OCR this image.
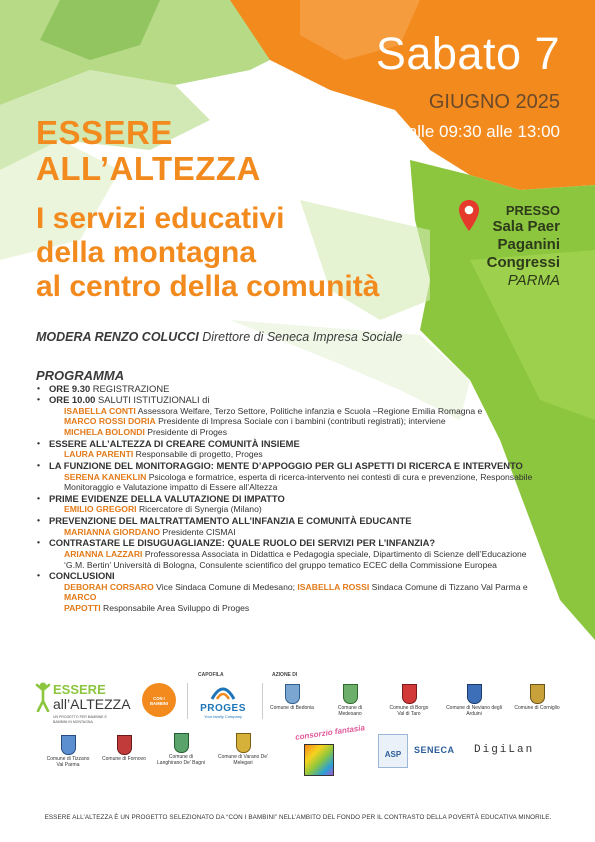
Sabato 7
GIUGNO 2025
dalle 09:30 alle 13:00
ESSERE
ALL’ALTEZZA
I servizi educativi
della montagna
al centro della comunità
PRESSO
Sala Paer
Paganini
Congressi
PARMA
MODERA RENZO COLUCCI Direttore di Seneca Impresa Sociale
PROGRAMMA
• ORE 9.30 REGISTRAZIONE
• ORE 10.00 SALUTI ISTITUZIONALI di
ISABELLA CONTI Assessora Welfare, Terzo Settore, Politiche infanzia e Scuola –Regione Emilia Romagna e
MARCO ROSSI DORIA Presidente di Impresa Sociale con i bambini (contributi registrati); interviene
MICHELA BOLONDI Presidente di Proges
• ESSERE ALL’ALTEZZA DI CREARE COMUNITÀ INSIEME
LAURA PARENTI Responsabile di progetto, Proges
• LA FUNZIONE DEL MONITORAGGIO: MENTE D’APPOGGIO PER GLI ASPETTI DI RICERCA E INTERVENTO
SERENA KANEKLIN Psicologa e formatrice, esperta di ricerca-intervento nei contesti di cura e prevenzione, Responsabile
Monitoraggio e Valutazione impatto di Essere all’Altezza
• PRIME EVIDENZE DELLA VALUTAZIONE DI IMPATTO
EMILIO GREGORI Ricercatore di Synergia (Milano)
• PREVENZIONE DEL MALTRATTAMENTO ALL’INFANZIA E COMUNITÀ EDUCANTE
MARIANNA GIORDANO Presidente CISMAI
• CONTRASTARE LE DISUGUAGLIANZE: QUALE RUOLO DEI SERVIZI PER L’INFANZIA?
ARIANNA LAZZARI Professoressa Associata in Didattica e Pedagogia speciale, Dipartimento di Scienze dell’Educazione
‘G.M. Bertin’ Università di Bologna, Consulente scientifico del gruppo tematico ECEC della Commissione Europea
• CONCLUSIONI
DEBORAH CORSARO Vice Sindaca Comune di Medesano; ISABELLA ROSSI Sindaca Comune di Tizzano Val Parma e MARCO
PAPOTTI Responsabile Area Sviluppo di Proges
ESSERE
all’ALTEZZA
UN PROGETTO PER BAMBINE E
BAMBINI IN MONTAGNA
CON I BAMBINI
CAPOFILA
PROGES
Your family Company
AZIONE DI
Comune di Bedonia	Comune di Medesano
Comune di Borgo Val di Taro
Comune di Neviano degli Arduini
Comune di Corniglio
Comune di Tizzano Val Parma
Comune di Fornovo	Comune di Langhirano De' Bagni
Comune di Varano De' Melegari
consorzio fantasia
ASP	SENECA	DigiLan
ESSERE ALL’ALTEZZA È UN PROGETTO SELEZIONATO DA “CON I BAMBINI” NELL’AMBITO DEL FONDO PER IL CONTRASTO DELLA POVERTÀ EDUCATIVA MINORILE.
